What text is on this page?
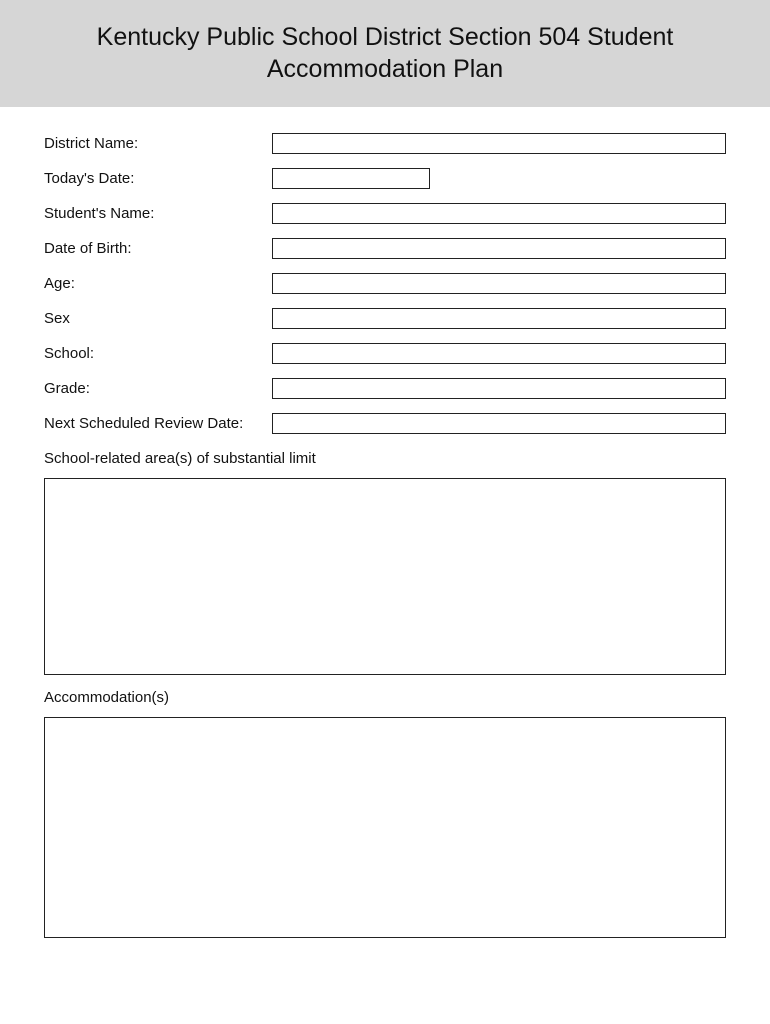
Kentucky Public School District Section 504 Student
Accommodation Plan
District Name:
Today's Date:
Student's Name:
Date of Birth:
Age:
Sex
School:
Grade:
Next Scheduled Review Date:
School-related area(s) of substantial limit
Accommodation(s)
